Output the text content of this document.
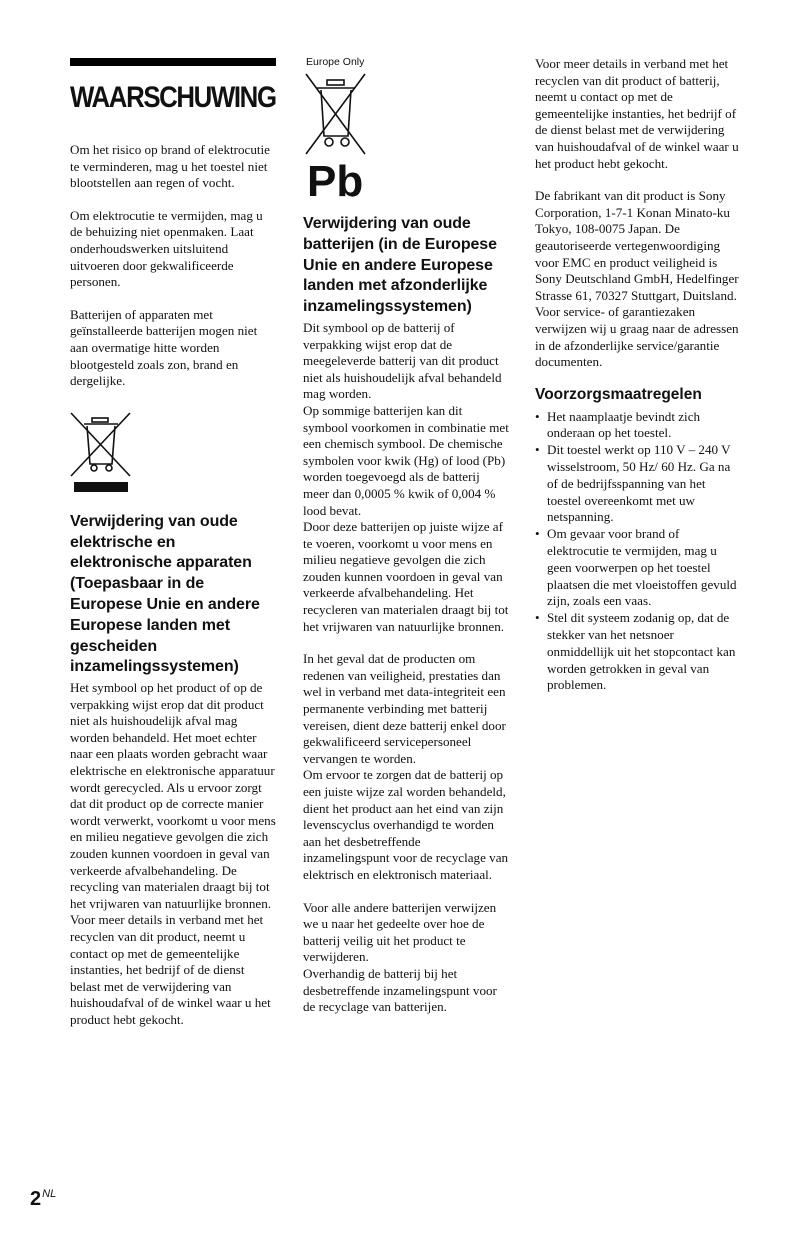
WAARSCHUWING

Om het risico op brand of elektrocutie te verminderen, mag u het toestel niet blootstellen aan regen of vocht.

Om elektrocutie te vermijden, mag u de behuizing niet openmaken. Laat onderhoudswerken uitsluitend uitvoeren door gekwalificeerde personen.

Batterijen of apparaten met geïnstalleerde batterijen mogen niet aan overmatige hitte worden blootgesteld zoals zon, brand en dergelijke.

Verwijdering van oude elektrische en elektronische apparaten (Toepasbaar in de Europese Unie en andere Europese landen met gescheiden inzamelingssystemen)

Het symbool op het product of op de verpakking wijst erop dat dit product niet als huishoudelijk afval mag worden behandeld. Het moet echter naar een plaats worden gebracht waar elektrische en elektronische apparatuur wordt gerecycled. Als u ervoor zorgt dat dit product op de correcte manier wordt verwerkt, voorkomt u voor mens en milieu negatieve gevolgen die zich zouden kunnen voordoen in geval van verkeerde afvalbehandeling. De recycling van materialen draagt bij tot het vrijwaren van natuurlijke bronnen. Voor meer details in verband met het recyclen van dit product, neemt u contact op met de gemeentelijke instanties, het bedrijf of de dienst belast met de verwijdering van huishoudafval of de winkel waar u het product hebt gekocht.

Europe Only
Pb
Verwijdering van oude batterijen (in de Europese Unie en andere Europese landen met afzonderlijke inzamelingssystemen)

Dit symbool op de batterij of verpakking wijst erop dat de meegeleverde batterij van dit product niet als huishoudelijk afval behandeld mag worden.

Op sommige batterijen kan dit symbool voorkomen in combinatie met een chemisch symbool. De chemische symbolen voor kwik (Hg) of lood (Pb) worden toegevoegd als de batterij meer dan 0,0005 % kwik of 0,004 % lood bevat.

Door deze batterijen op juiste wijze af te voeren, voorkomt u voor mens en milieu negatieve gevolgen die zich zouden kunnen voordoen in geval van verkeerde afvalbehandeling. Het recycleren van materialen draagt bij tot het vrijwaren van natuurlijke bronnen.

In het geval dat de producten om redenen van veiligheid, prestaties dan wel in verband met data-integriteit een permanente verbinding met batterij vereisen, dient deze batterij enkel door gekwalificeerd servicepersoneel vervangen te worden.

Om ervoor te zorgen dat de batterij op een juiste wijze zal worden behandeld, dient het product aan het eind van zijn levenscyclus overhandigd te worden aan het desbetreffende inzamelingspunt voor de recyclage van elektrisch en elektronisch materiaal.

Voor alle andere batterijen verwijzen we u naar het gedeelte over hoe de batterij veilig uit het product te verwijderen.

Overhandig de batterij bij het desbetreffende inzamelingspunt voor de recyclage van batterijen.

Voor meer details in verband met het recyclen van dit product of batterij, neemt u contact op met de gemeentelijke instanties, het bedrijf of de dienst belast met de verwijdering van huishoudafval of de winkel waar u het product hebt gekocht.

De fabrikant van dit product is Sony Corporation, 1-7-1 Konan Minato-ku Tokyo, 108-0075 Japan. De geautoriseerde vertegenwoordiging voor EMC en product veiligheid is Sony Deutschland GmbH, Hedelfinger Strasse 61, 70327 Stuttgart, Duitsland. Voor service- of garantiezaken verwijzen wij u graag naar de adressen in de afzonderlijke service/garantie documenten.

Voorzorgsmaatregelen
• Het naamplaatje bevindt zich onderaan op het toestel.
• Dit toestel werkt op 110 V – 240 V wisselstroom, 50 Hz/ 60 Hz. Ga na of de bedrijfsspanning van het toestel overeenkomt met uw netspanning.
• Om gevaar voor brand of elektrocutie te vermijden, mag u geen voorwerpen op het toestel plaatsen die met vloeistoffen gevuld zijn, zoals een vaas.
• Stel dit systeem zodanig op, dat de stekker van het netsnoer onmiddellijk uit het stopcontact kan worden getrokken in geval van problemen.
$2^{NL}$
